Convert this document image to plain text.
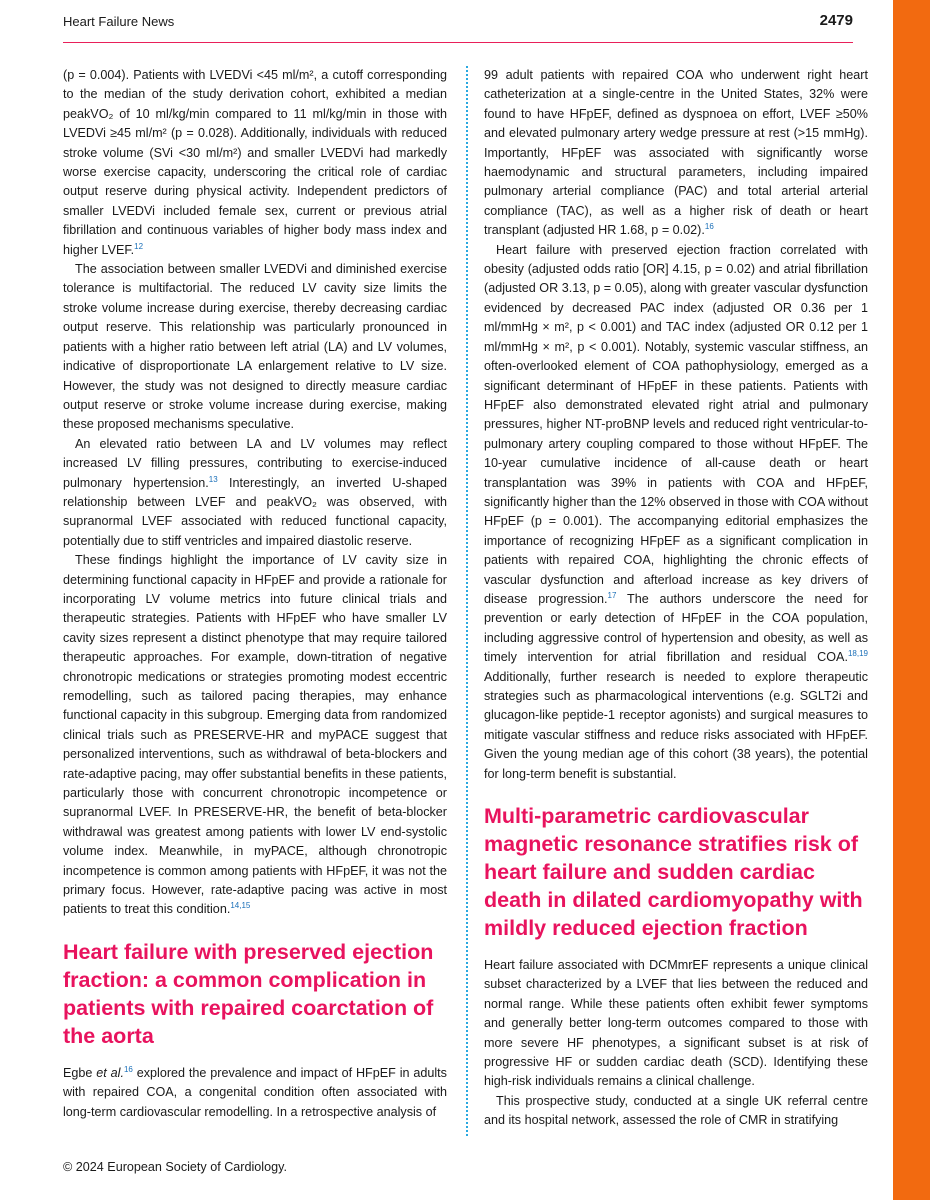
Heart Failure News	2479

(p = 0.004). Patients with LVEDVi <45 ml/m², a cutoff corresponding to the median of the study derivation cohort, exhibited a median peakVO₂ of 10 ml/kg/min compared to 11 ml/kg/min in those with LVEDVi ≥45 ml/m² (p = 0.028). Additionally, individuals with reduced stroke volume (SVi <30 ml/m²) and smaller LVEDVi had markedly worse exercise capacity, underscoring the critical role of cardiac output reserve during physical activity. Independent predictors of smaller LVEDVi included female sex, current or previous atrial fibrillation and continuous variables of higher body mass index and higher LVEF.$^{12}$

The association between smaller LVEDVi and diminished exercise tolerance is multifactorial. The reduced LV cavity size limits the stroke volume increase during exercise, thereby decreasing cardiac output reserve. This relationship was particularly pronounced in patients with a higher ratio between left atrial (LA) and LV volumes, indicative of disproportionate LA enlargement relative to LV size. However, the study was not designed to directly measure cardiac output reserve or stroke volume increase during exercise, making these proposed mechanisms speculative.

An elevated ratio between LA and LV volumes may reflect increased LV filling pressures, contributing to exercise-induced pulmonary hypertension.$^{13}$ Interestingly, an inverted U-shaped relationship between LVEF and peakVO₂ was observed, with supranormal LVEF associated with reduced functional capacity, potentially due to stiff ventricles and impaired diastolic reserve.

These findings highlight the importance of LV cavity size in determining functional capacity in HFpEF and provide a rationale for incorporating LV volume metrics into future clinical trials and therapeutic strategies. Patients with HFpEF who have smaller LV cavity sizes represent a distinct phenotype that may require tailored therapeutic approaches. For example, down-titration of negative chronotropic medications or strategies promoting modest eccentric remodelling, such as tailored pacing therapies, may enhance functional capacity in this subgroup. Emerging data from randomized clinical trials such as PRESERVE-HR and myPACE suggest that personalized interventions, such as withdrawal of beta-blockers and rate-adaptive pacing, may offer substantial benefits in these patients, particularly those with concurrent chronotropic incompetence or supranormal LVEF. In PRESERVE-HR, the benefit of beta-blocker withdrawal was greatest among patients with lower LV end-systolic volume index. Meanwhile, in myPACE, although chronotropic incompetence is common among patients with HFpEF, it was not the primary focus. However, rate-adaptive pacing was active in most patients to treat this condition.$^{14,15}$

Heart failure with preserved ejection fraction: a common complication in patients with repaired coarctation of the aorta

Egbe et al.$^{16}$ explored the prevalence and impact of HFpEF in adults with repaired COA, a congenital condition often associated with long-term cardiovascular remodelling. In a retrospective analysis of

99 adult patients with repaired COA who underwent right heart catheterization at a single-centre in the United States, 32% were found to have HFpEF, defined as dyspnoea on effort, LVEF ≥50% and elevated pulmonary artery wedge pressure at rest (>15 mmHg). Importantly, HFpEF was associated with significantly worse haemodynamic and structural parameters, including impaired pulmonary arterial compliance (PAC) and total arterial arterial compliance (TAC), as well as a higher risk of death or heart transplant (adjusted HR 1.68, p = 0.02).$^{16}$

Heart failure with preserved ejection fraction correlated with obesity (adjusted odds ratio [OR] 4.15, p = 0.02) and atrial fibrillation (adjusted OR 3.13, p = 0.05), along with greater vascular dysfunction evidenced by decreased PAC index (adjusted OR 0.36 per 1 ml/mmHg × m², p < 0.001) and TAC index (adjusted OR 0.12 per 1 ml/mmHg × m², p < 0.001). Notably, systemic vascular stiffness, an often-overlooked element of COA pathophysiology, emerged as a significant determinant of HFpEF in these patients. Patients with HFpEF also demonstrated elevated right atrial and pulmonary pressures, higher NT-proBNP levels and reduced right ventricular-to-pulmonary artery coupling compared to those without HFpEF. The 10-year cumulative incidence of all-cause death or heart transplantation was 39% in patients with COA and HFpEF, significantly higher than the 12% observed in those with COA without HFpEF (p = 0.001). The accompanying editorial emphasizes the importance of recognizing HFpEF as a significant complication in patients with repaired COA, highlighting the chronic effects of vascular dysfunction and afterload increase as key drivers of disease progression.$^{17}$ The authors underscore the need for prevention or early detection of HFpEF in the COA population, including aggressive control of hypertension and obesity, as well as timely intervention for atrial fibrillation and residual COA.$^{18,19}$ Additionally, further research is needed to explore therapeutic strategies such as pharmacological interventions (e.g. SGLT2i and glucagon-like peptide-1 receptor agonists) and surgical measures to mitigate vascular stiffness and reduce risks associated with HFpEF. Given the young median age of this cohort (38 years), the potential for long-term benefit is substantial.

Multi-parametric cardiovascular magnetic resonance stratifies risk of heart failure and sudden cardiac death in dilated cardiomyopathy with mildly reduced ejection fraction

Heart failure associated with DCMmrEF represents a unique clinical subset characterized by a LVEF that lies between the reduced and normal range. While these patients often exhibit fewer symptoms and generally better long-term outcomes compared to those with more severe HF phenotypes, a significant subset is at risk of progressive HF or sudden cardiac death (SCD). Identifying these high-risk individuals remains a clinical challenge.

This prospective study, conducted at a single UK referral centre and its hospital network, assessed the role of CMR in stratifying

© 2024 European Society of Cardiology.
